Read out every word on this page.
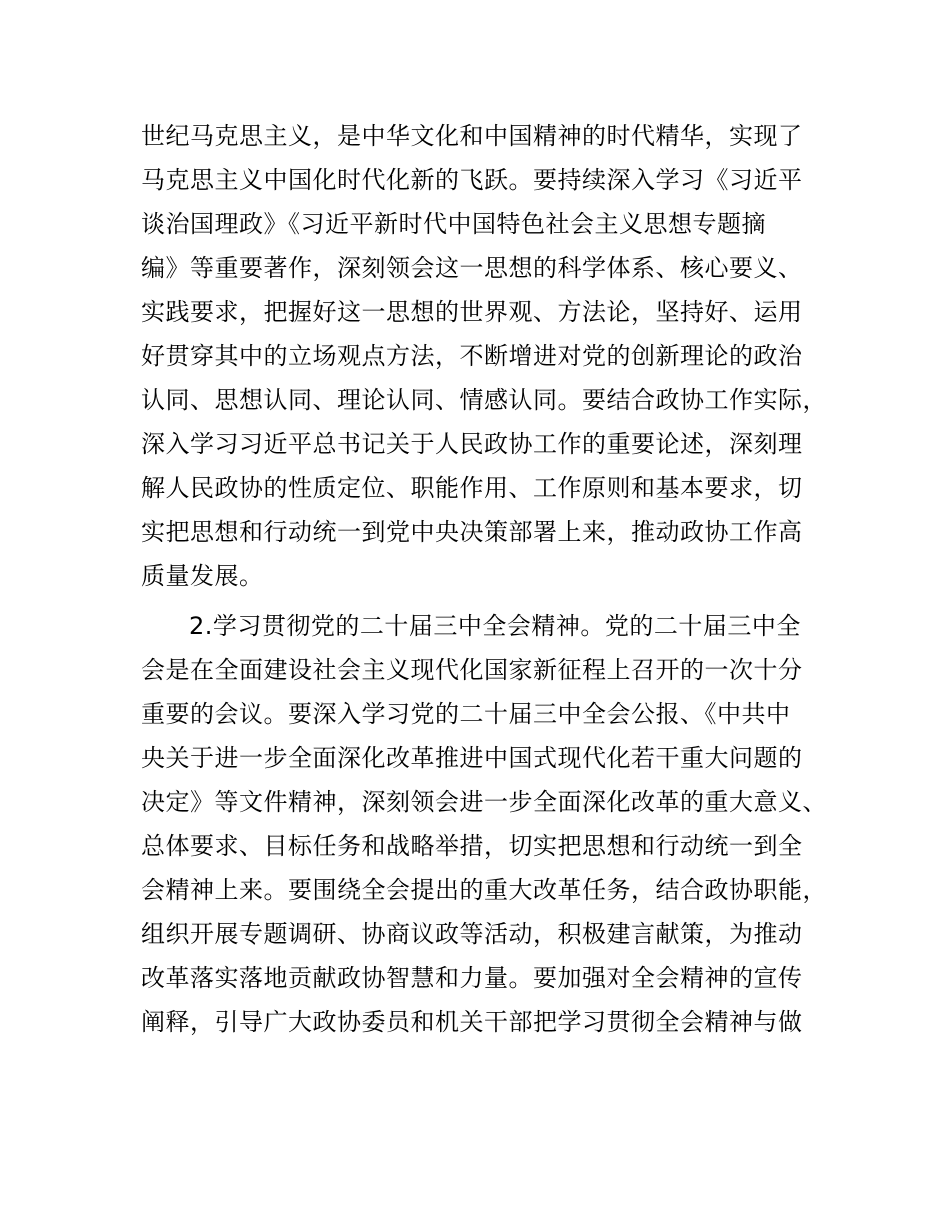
世纪马克思主义，是中华文化和中国精神的时代精华，实现了
马克思主义中国化时代化新的飞跃。要持续深入学习《习近平
谈治国理政》《习近平新时代中国特色社会主义思想专题摘
编》等重要著作，深刻领会这一思想的科学体系、核心要义、
实践要求，把握好这一思想的世界观、方法论，坚持好、运用
好贯穿其中的立场观点方法，不断增进对党的创新理论的政治
认同、思想认同、理论认同、情感认同。要结合政协工作实际，
深入学习习近平总书记关于人民政协工作的重要论述，深刻理
解人民政协的性质定位、职能作用、工作原则和基本要求，切
实把思想和行动统一到党中央决策部署上来，推动政协工作高
质量发展。
2.学习贯彻党的二十届三中全会精神。党的二十届三中全
会是在全面建设社会主义现代化国家新征程上召开的一次十分
重要的会议。要深入学习党的二十届三中全会公报、《中共中
央关于进一步全面深化改革推进中国式现代化若干重大问题的
决定》等文件精神，深刻领会进一步全面深化改革的重大意义、
总体要求、目标任务和战略举措，切实把思想和行动统一到全
会精神上来。要围绕全会提出的重大改革任务，结合政协职能，
组织开展专题调研、协商议政等活动，积极建言献策，为推动
改革落实落地贡献政协智慧和力量。要加强对全会精神的宣传
阐释，引导广大政协委员和机关干部把学习贯彻全会精神与做
